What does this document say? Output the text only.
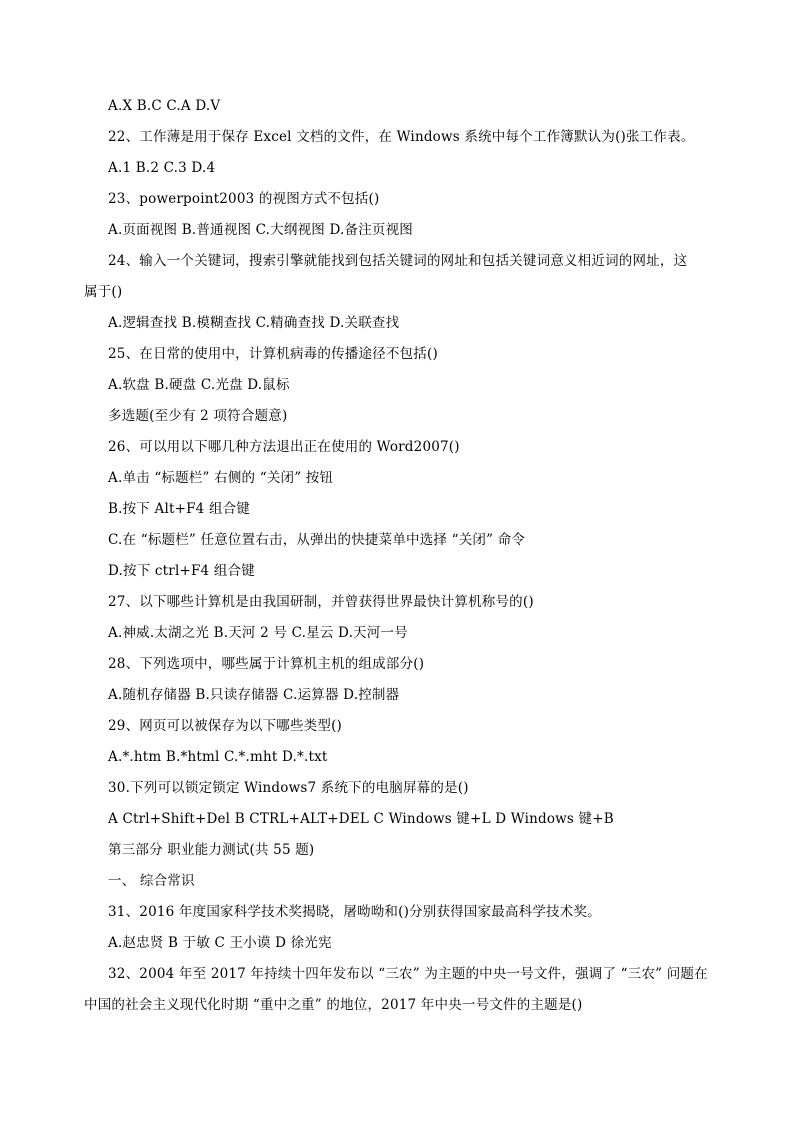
A.X B.C C.A D.V
22、工作薄是用于保存 Excel 文档的文件，在 Windows 系统中每个工作簿默认为()张工作表。
A.1 B.2 C.3 D.4
23、powerpoint2003 的视图方式不包括()
A.页面视图 B.普通视图 C.大纲视图 D.备注页视图
24、输入一个关键词，搜索引擎就能找到包括关键词的网址和包括关键词意义相近词的网址，这
属于()
A.逻辑查找 B.模糊查找 C.精确查找 D.关联查找
25、在日常的使用中，计算机病毒的传播途径不包括()
A.软盘 B.硬盘 C.光盘 D.鼠标
多选题(至少有 2 项符合题意)
26、可以用以下哪几种方法退出正在使用的 Word2007()
A.单击 “标题栏” 右侧的 “关闭” 按钮
B.按下 Alt+F4 组合键
C.在 “标题栏” 任意位置右击，从弹出的快捷菜单中选择 “关闭” 命令
D.按下 ctrl+F4 组合键
27、以下哪些计算机是由我国研制，并曾获得世界最快计算机称号的()
A.神威.太湖之光 B.天河 2 号 C.星云 D.天河一号
28、下列选项中，哪些属于计算机主机的组成部分()
A.随机存储器 B.只读存储器 C.运算器 D.控制器
29、网页可以被保存为以下哪些类型()
A.*.htm B.*html C.*.mht D.*.txt
30.下列可以锁定锁定 Windows7 系统下的电脑屏幕的是()
A Ctrl+Shift+Del B CTRL+ALT+DEL C Windows 键+L D Windows 键+B
第三部分 职业能力测试(共 55 题)
一、 综合常识
31、2016 年度国家科学技术奖揭晓，屠呦呦和()分别获得国家最高科学技术奖。
A.赵忠贤 B 于敏 C 王小谟 D 徐光宪
32、2004 年至 2017 年持续十四年发布以 “三农” 为主题的中央一号文件，强调了 “三农” 问题在
中国的社会主义现代化时期 “重中之重” 的地位，2017 年中央一号文件的主题是()
